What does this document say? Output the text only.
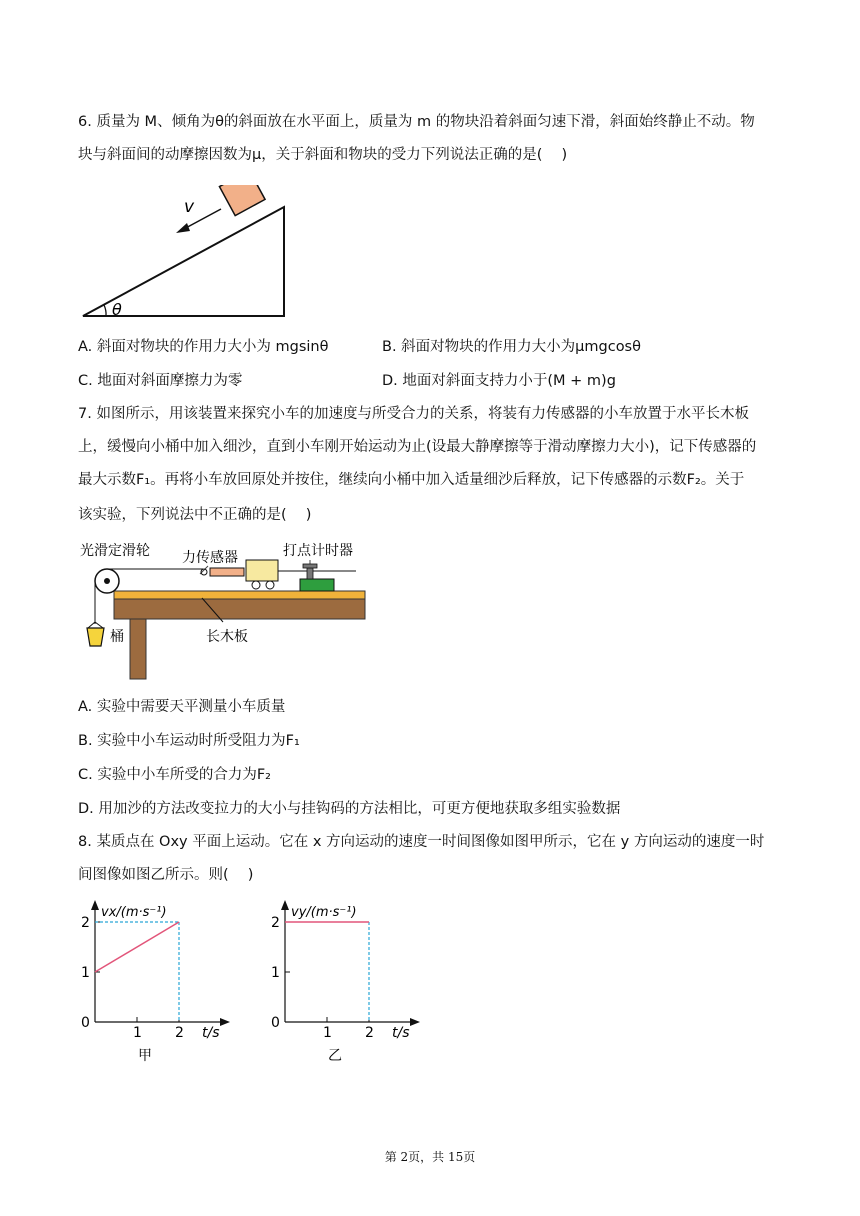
6. 质量为 M、倾角为θ的斜面放在水平面上，质量为 m 的物块沿着斜面匀速下滑，斜面始终静止不动。物
块与斜面间的动摩擦因数为μ，关于斜面和物块的受力下列说法正确的是(　 )
v
θ
A. 斜面对物块的作用力大小为 mgsinθ	B. 斜面对物块的作用力大小为μmgcosθ
C. 地面对斜面摩擦力为零	D. 地面对斜面支持力小于(M + m)g
7. 如图所示，用该装置来探究小车的加速度与所受合力的关系，将装有力传感器的小车放置于水平长木板
上，缓慢向小桶中加入细沙，直到小车刚开始运动为止(设最大静摩擦等于滑动摩擦力大小)，记下传感器的
最大示数F₁。再将小车放回原处并按住，继续向小桶中加入适量细沙后释放，记下传感器的示数F₂。关于
该实验，下列说法中不正确的是(　 )
光滑定滑轮 力传感器	打点计时器
桶	长木板
A. 实验中需要天平测量小车质量
B. 实验中小车运动时所受阻力为F₁
C. 实验中小车所受的合力为F₂
D. 用加沙的方法改变拉力的大小与挂钩码的方法相比，可更方便地获取多组实验数据
8. 某质点在 Oxy 平面上运动。它在 x 方向运动的速度一时间图像如图甲所示，它在 y 方向运动的速度一时
间图像如图乙所示。则(　 )
1 2
1
2
0
vx/(m·s⁻¹)
t/s
甲
1 2
1
2
0
vy/(m·s⁻¹)
t/s
乙
第 2页，共 15页
